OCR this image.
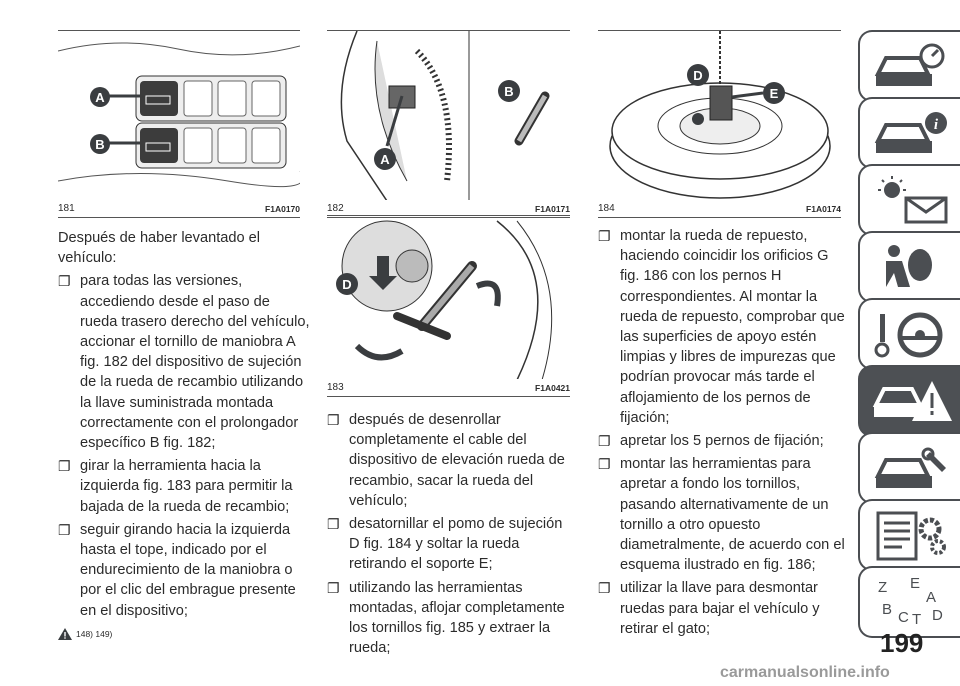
A
B
181	F1A0170
A
B
182	F1A0171
D
183	F1A0421
D
E
184	F1A0174

Después de haber levantado el vehículo:

❐ para todas las versiones, accediendo desde el paso de rueda trasero derecho del vehículo, accionar el tornillo de maniobra A fig. 182 del dispositivo de sujeción de la rueda de recambio utilizando la llave suministrada montada correctamente con el prolongador específico B fig. 182;
❐ girar la herramienta hacia la izquierda fig. 183 para permitir la bajada de la rueda de recambio;
❐ seguir girando hacia la izquierda hasta el tope, indicado por el endurecimiento de la maniobra o por el clic del embrague presente en el dispositivo;
148) 149)
❐ después de desenrollar completamente el cable del dispositivo de elevación rueda de recambio, sacar la rueda del vehículo;
❐ desatornillar el pomo de sujeción D fig. 184 y soltar la rueda retirando el soporte E;
❐ utilizando las herramientas montadas, aflojar completamente los tornillos fig. 185 y extraer la rueda;
❐ montar la rueda de repuesto, haciendo coincidir los orificios G fig. 186 con los pernos H correspondientes. Al montar la rueda de repuesto, comprobar que las superficies de apoyo estén limpias y libres de impurezas que podrían provocar más tarde el aflojamiento de los pernos de fijación;
❐ apretar los 5 pernos de fijación;
❐ montar las herramientas para apretar a fondo los tornillos, pasando alternativamente de un tornillo a otro opuesto diametralmente, de acuerdo con el esquema ilustrado en fig. 186;
❐ utilizar la llave para desmontar ruedas para bajar el vehículo y retirar el gato;
i
Z E
A
B C T D
199
carmanualsonline.info
